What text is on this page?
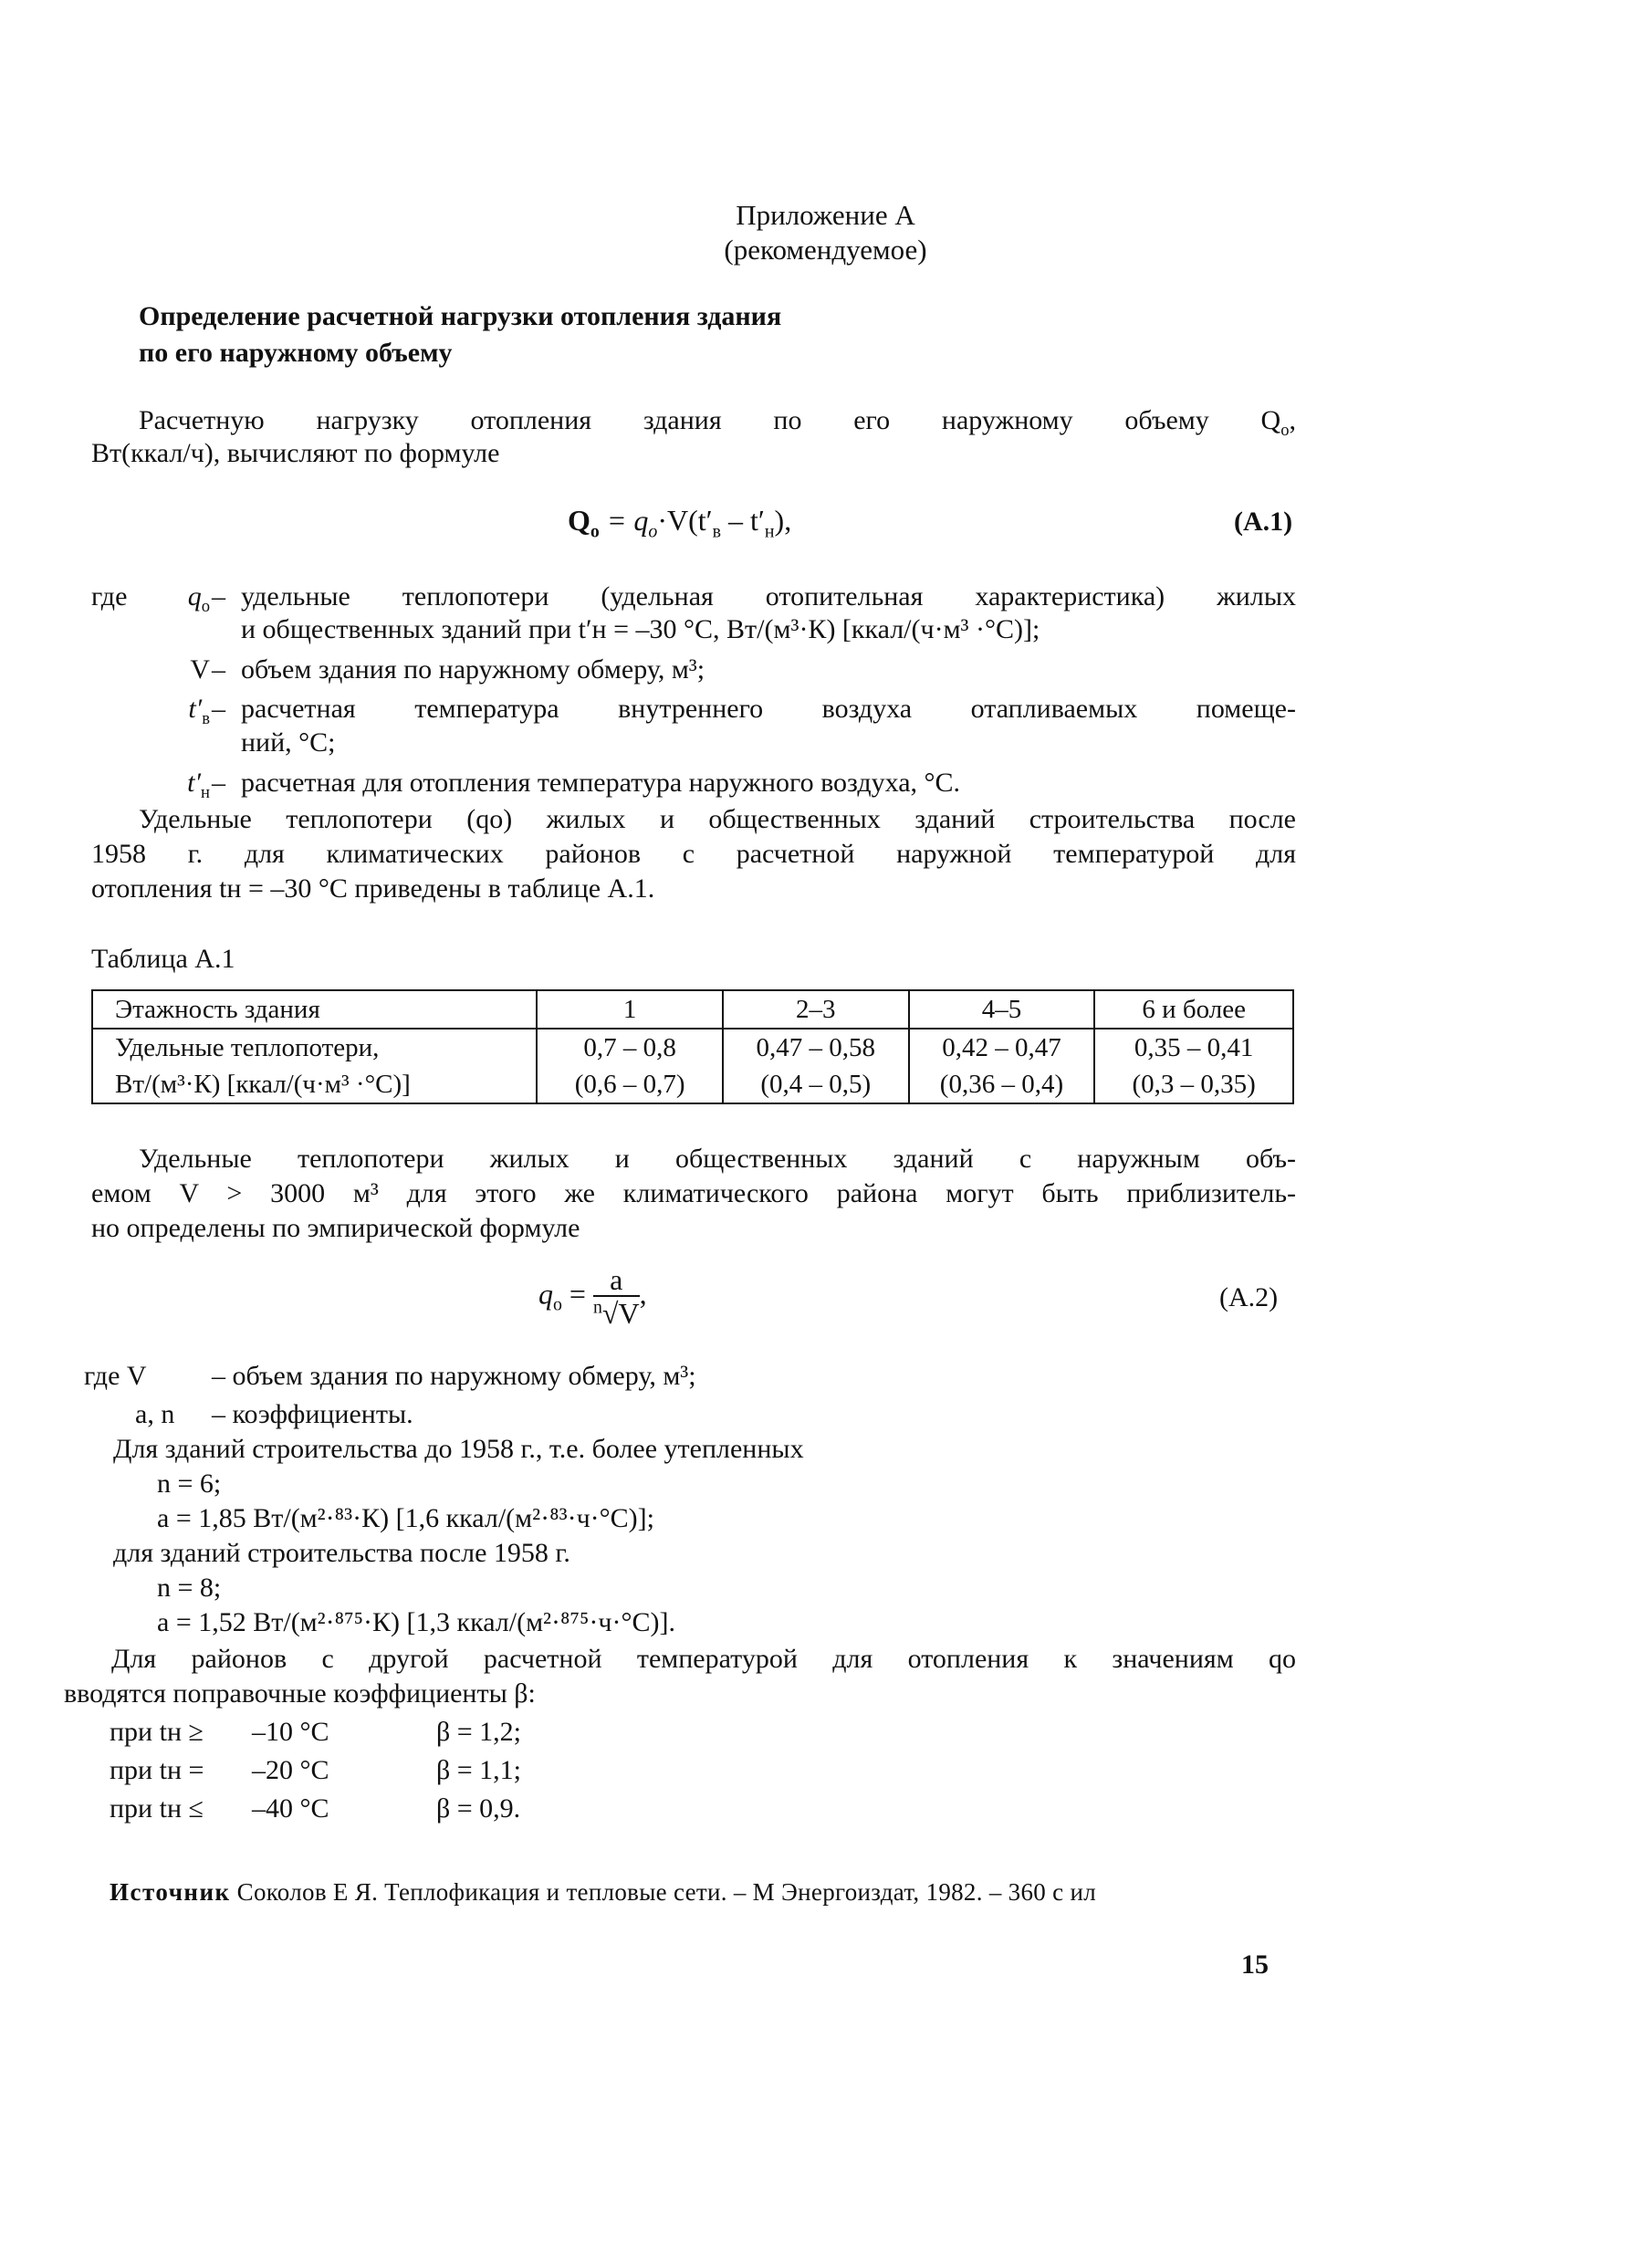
Приложение А
(рекомендуемое)
Определение расчетной нагрузки отопления здания
по его наружному объему
Расчетную нагрузку отопления здания по его наружному объему $Q_о$,
Вт(ккал/ч), вычисляют по формуле
$Q_о = q_о\cdot V(t'_в - t'_н)$,	(А.1)
где	$q_о$ – удельные теплопотери (удельная отопительная характеристика) жилых
и общественных зданий при t′н = –30 °С, Вт/(м³·К) [ккал/(ч·м³ ·°С)];
V – объем здания по наружному обмеру, м³;
$t'_в$ – расчетная температура внутреннего воздуха отапливаемых помеще-
ний, °С;
$t'_н$ – расчетная для отопления температура наружного воздуха, °С.
Удельные теплопотери (qо) жилых и общественных зданий строительства после
1958 г. для климатических районов с расчетной наружной температурой для
отопления tн = –30 °С приведены в таблице А.1.
Таблица А.1
Этажность здания	1	2–3	4–5	6 и более
Удельные теплопотери,	0,7 – 0,8	0,47 – 0,58	0,42 – 0,47	0,35 – 0,41
Вт/(м³·К) [ккал/(ч·м³ ·°С)]	(0,6 – 0,7)	(0,4 – 0,5)	(0,36 – 0,4)	(0,3 – 0,35)
Удельные теплопотери жилых и общественных зданий с наружным объ-
емом V > 3000 м³ для этого же климатического района могут быть приблизитель-
но определены по эмпирической формуле
$q_о = \frac{a}{^n√V}$ ,	(А.2)
где V – объем здания по наружному обмеру, м³;
a, n – коэффициенты.
Для зданий строительства до 1958 г., т.е. более утепленных
n = 6;
a = 1,85 Вт/(м²·⁸³·К) [1,6 ккал/(м²·⁸³·ч·°С)];
для зданий строительства после 1958 г.
n = 8;
a = 1,52 Вт/(м²·⁸⁷⁵·К) [1,3 ккал/(м²·⁸⁷⁵·ч·°С)].
Для районов с другой расчетной температурой для отопления к значениям qо
вводятся поправочные коэффициенты β:
при tн ≥ –10 °С	β = 1,2;
при tн = –20 °С	β = 1,1;
при tн ≤ –40 °С	β = 0,9.
Источник Соколов Е Я. Теплофикация и тепловые сети. – М Энергоиздат, 1982. – 360 с ил
15
